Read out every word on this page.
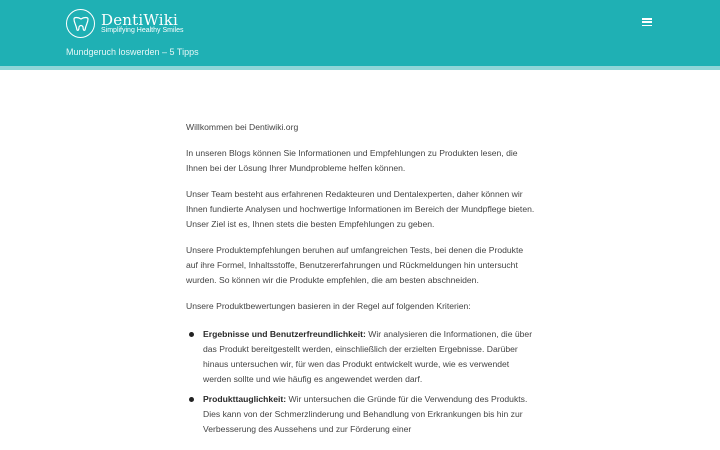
DentiWiki
Simplifying Healthy Smiles
Mundgeruch loswerden – 5 Tipps

Willkommen bei Dentiwiki.org

In unseren Blogs können Sie Informationen und Empfehlungen zu Produkten lesen, die Ihnen bei der Lösung Ihrer Mundprobleme helfen können.

Unser Team besteht aus erfahrenen Redakteuren und Dentalexperten, daher können wir Ihnen fundierte Analysen und hochwertige Informationen im Bereich der Mundpflege bieten. Unser Ziel ist es, Ihnen stets die besten Empfehlungen zu geben.

Unsere Produktempfehlungen beruhen auf umfangreichen Tests, bei denen die Produkte auf ihre Formel, Inhaltsstoffe, Benutzererfahrungen und Rückmeldungen hin untersucht wurden. So können wir die Produkte empfehlen, die am besten abschneiden.

Unsere Produktbewertungen basieren in der Regel auf folgenden Kriterien:

Ergebnisse und Benutzerfreundlichkeit: Wir analysieren die Informationen, die über das Produkt bereitgestellt werden, einschließlich der erzielten Ergebnisse. Darüber hinaus untersuchen wir, für wen das Produkt entwickelt wurde, wie es verwendet werden sollte und wie häufig es angewendet werden darf.
Produkttauglichkeit: Wir untersuchen die Gründe für die Verwendung des Produkts. Dies kann von der Schmerzlinderung und Behandlung von Erkrankungen bis hin zur Verbesserung des Aussehens und zur Förderung einer
